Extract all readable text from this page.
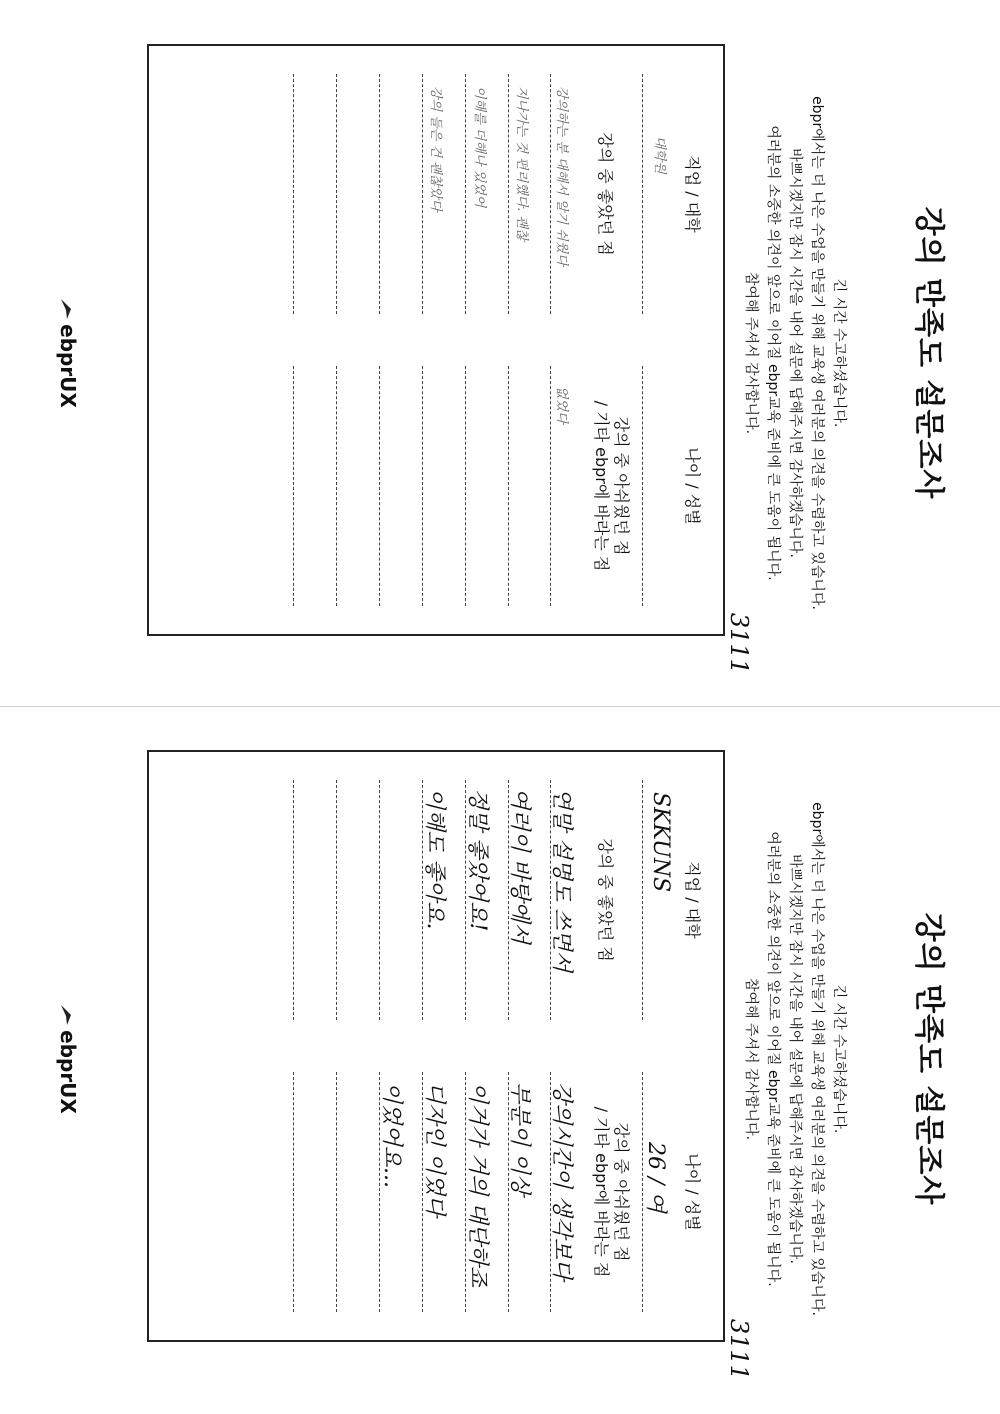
강의 만족도 설문조사
긴 시간 수고하셨습니다.
ebpr에서는 더 나은 수업을 만들기 위해 교육생 여러분의 의견을 수렴하고 있습니다.
바쁘시겠지만 잠시 시간을 내어 설문에 답해주시면 감사하겠습니다.
여러분의 소중한 의견이 앞으로 이어질 ebpr교육 준비에 큰 도움이 됩니다.
참여해 주셔서 감사합니다.
3111
직업 / 대학
나이 / 성별
대학원
강의 중 좋았던 점
강의 중 아쉬웠던 점
/ 기타 ebpr에 바라는 점
강의하는 분 대해서 알기 쉬웠다
지나가는 것 편리했다. 괜찮
이해를 더해나 있었어
강의 들은 건 괜찮았다
없었다
ebprUX
강의 만족도 설문조사
긴 시간 수고하셨습니다.
ebpr에서는 더 나은 수업을 만들기 위해 교육생 여러분의 의견을 수렴하고 있습니다.
바쁘시겠지만 잠시 시간을 내어 설문에 답해주시면 감사하겠습니다.
여러분의 소중한 의견이 앞으로 이어질 ebpr교육 준비에 큰 도움이 됩니다.
참여해 주셔서 감사합니다.
3111
직업 / 대학
나이 / 성별
SKKUNS
26 / 여
강의 중 좋았던 점
강의 중 아쉬웠던 점
/ 기타 ebpr에 바라는 점
연말 설명도 쓰면서
여러이 바탕에서
정말 좋았어요!
이해도 좋아요.
강의시간이 생각보다
부분이 이상
이거가 거의 대단하죠
디자인 이었다
이었어요...
ebprUX
